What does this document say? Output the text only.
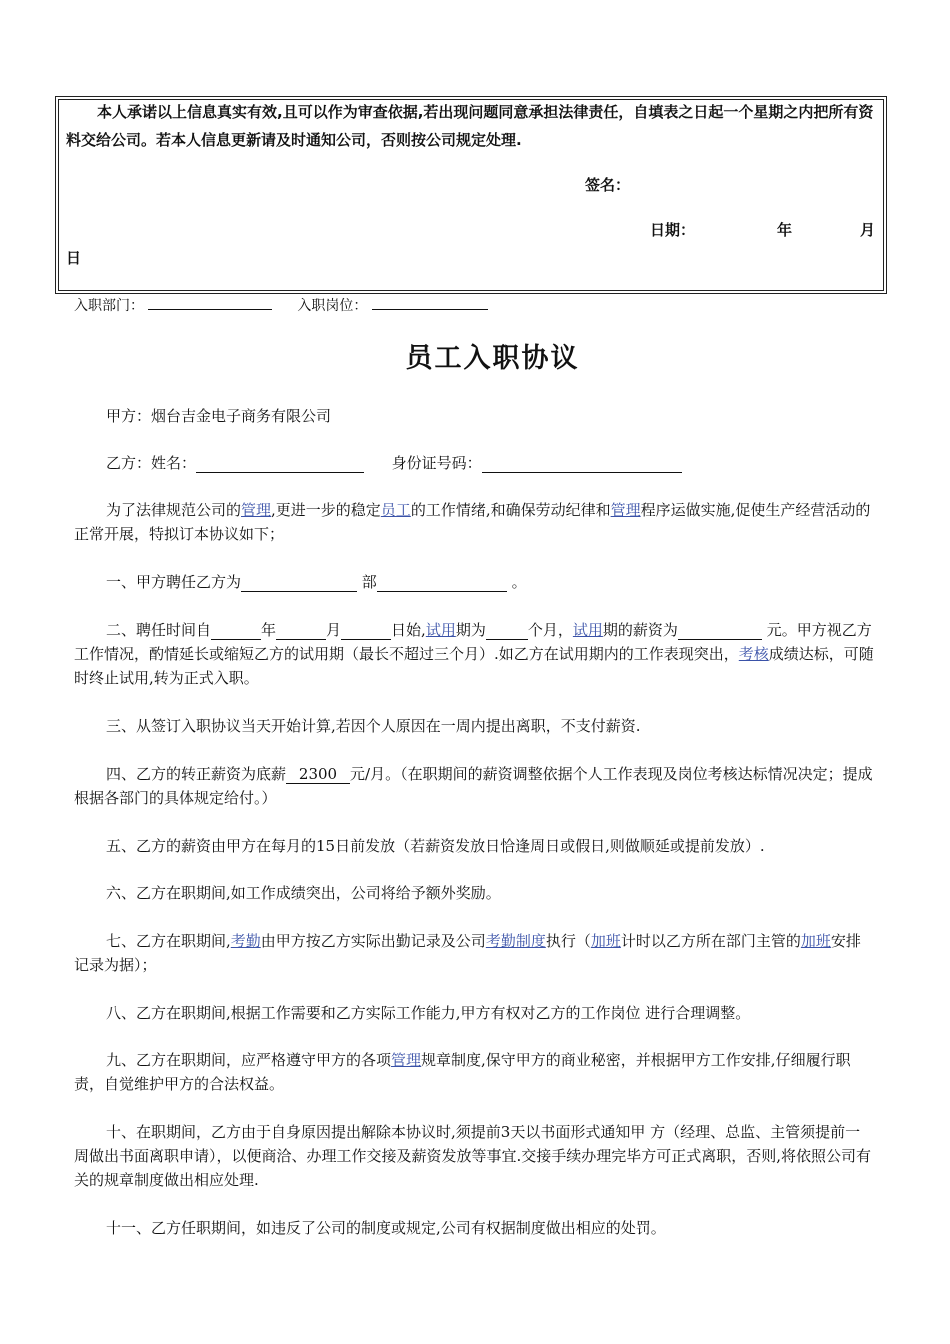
本人承诺以上信息真实有效,且可以作为审查依据,若出现问题同意承担法律责任，自填表之日起一个星期之内把所有资料交给公司。若本人信息更新请及时通知公司，否则按公司规定处理.

签名：
日期：	年	月
日
入职部门：	入职岗位：
员工入职协议

甲方：烟台吉金电子商务有限公司

乙方：姓名：	身份证号码：

为了法律规范公司的管理,更进一步的稳定员工的工作情绪,和确保劳动纪律和管理程序运做实施,促使生产经营活动的正常开展，特拟订本协议如下；

一、甲方聘任乙方为	部	。

二、聘任时间自	年	月	日始,试用期为	个月，试用期的薪资为	元。甲方视乙方工作情况，酌情延长或缩短乙方的试用期（最长不超过三个月）.如乙方在试用期内的工作表现突出，考核成绩达标，可随时终止试用,转为正式入职。

三、从签订入职协议当天开始计算,若因个人原因在一周内提出离职，不支付薪资.

四、乙方的转正薪资为底薪 2300 元/月。（在职期间的薪资调整依据个人工作表现及岗位考核达标情况决定；提成根据各部门的具体规定给付。）

五、乙方的薪资由甲方在每月的15日前发放（若薪资发放日恰逢周日或假日,则做顺延或提前发放）.

六、乙方在职期间,如工作成绩突出，公司将给予额外奖励。

七、乙方在职期间,考勤由甲方按乙方实际出勤记录及公司考勤制度执行（加班计时以乙方所在部门主管的加班安排记录为据）；

八、乙方在职期间,根据工作需要和乙方实际工作能力,甲方有权对乙方的工作岗位 进行合理调整。

九、乙方在职期间，应严格遵守甲方的各项管理规章制度,保守甲方的商业秘密，并根据甲方工作安排,仔细履行职责，自觉维护甲方的合法权益。

十、在职期间，乙方由于自身原因提出解除本协议时,须提前3天以书面形式通知甲 方（经理、总监、主管须提前一周做出书面离职申请），以便商洽、办理工作交接及薪资发放等事宜.交接手续办理完毕方可正式离职，否则,将依照公司有关的规章制度做出相应处理.

十一、乙方任职期间，如违反了公司的制度或规定,公司有权据制度做出相应的处罚。
